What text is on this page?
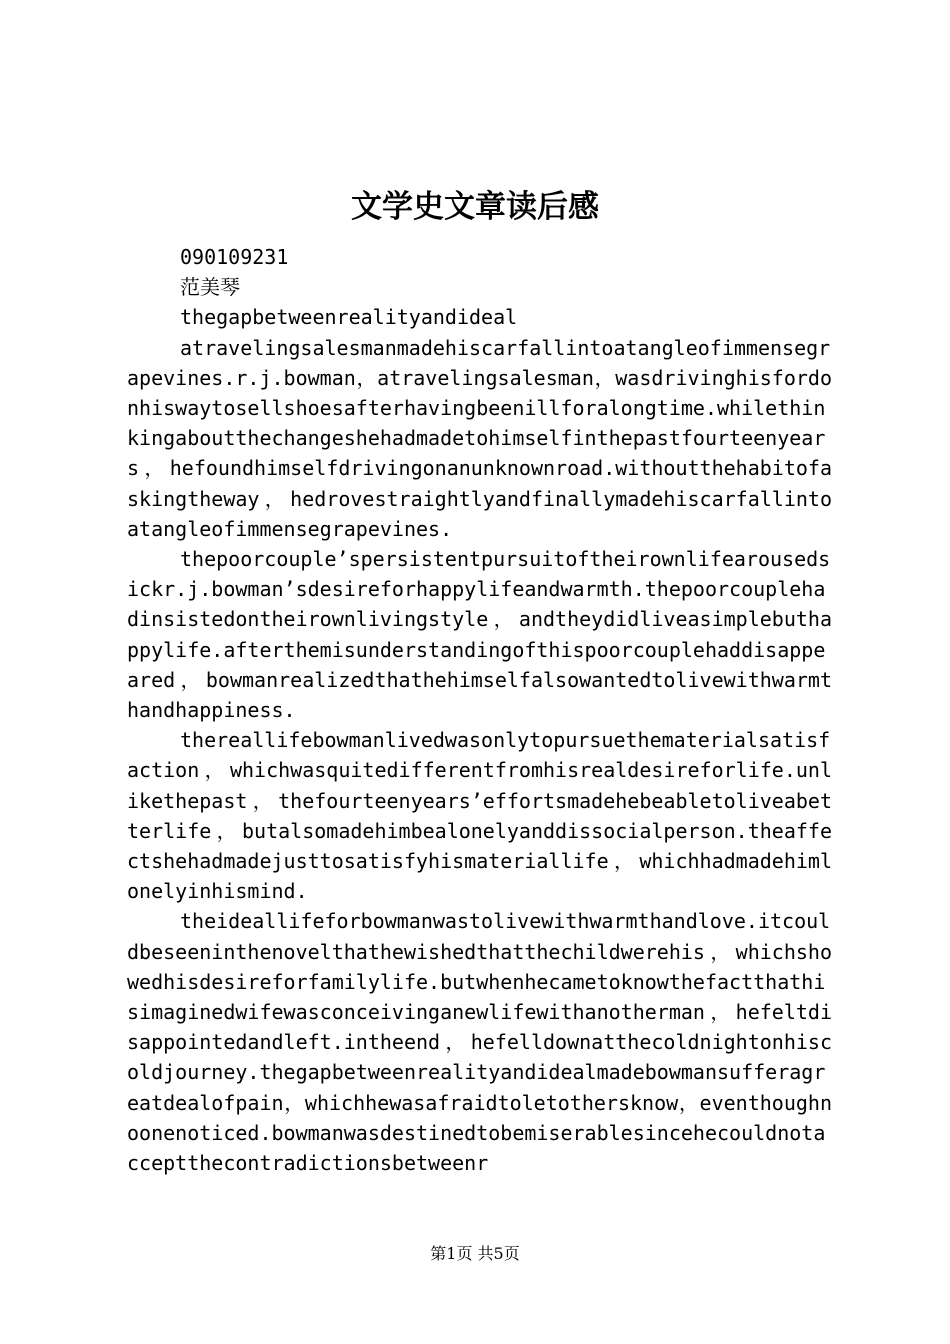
文学史文章读后感

090109231

范美琴

thegapbetweenrealityandideal

atravelingsalesmanmadehiscarfallintoatangleofimmensegrapevines.r.j.bowman，atravelingsalesman，wasdrivinghisfordonhiswaytosellshoesafterhavingbeenillforalongtime.whilethinkingaboutthechangeshehadmadetohimselfinthepastfourteenyears，hefoundhimselfdrivingonanunknownroad.withoutthehabitofaskingtheway，hedrovestraightlyandfinallymadehiscarfallintoatangleofimmensegrapevines.

thepoorcouple’spersistentpursuitoftheirownlifearousedsickr.j.bowman’sdesireforhappylifeandwarmth.thepoorcouplehadinsistedontheirownlivingstyle，andtheydidliveasimplebuthappylife.afterthemisunderstandingofthispoorcouplehaddisappeared，bowmanrealizedthathehimselfalsowantedtolivewithwarmthandhappiness.

thereallifebowmanlivedwasonlytopursuethematerialsatisfaction，whichwasquitedifferentfromhisrealdesireforlife.unlikethepast，thefourteenyears’effortsmadehebeabletoliveabetterlife，butalsomadehimbealonelyanddissocialperson.theaffectshehadmadejusttosatisfyhismateriallife，whichhadmadehimlonelyinhismind.

theideallifeforbowmanwastolivewithwarmthandlove.itcouldbeseeninthenovelthathewishedthatthechildwerehis，whichshowedhisdesireforfamilylife.butwhenhecametoknowthefactthathisimaginedwifewasconceivinganewlifewithanotherman，hefeltdisappointedandleft.intheend，hefelldownatthecoldnightonhiscoldjourney.thegapbetweenrealityandidealmadebowmansufferagreatdealofpain，whichhewasafraidtoletothersknow，eventhoughnoonenoticed.bowmanwasdestinedtobemiserablesincehecouldnotacceptthecontradictionsbetweenr

第1页 共5页
